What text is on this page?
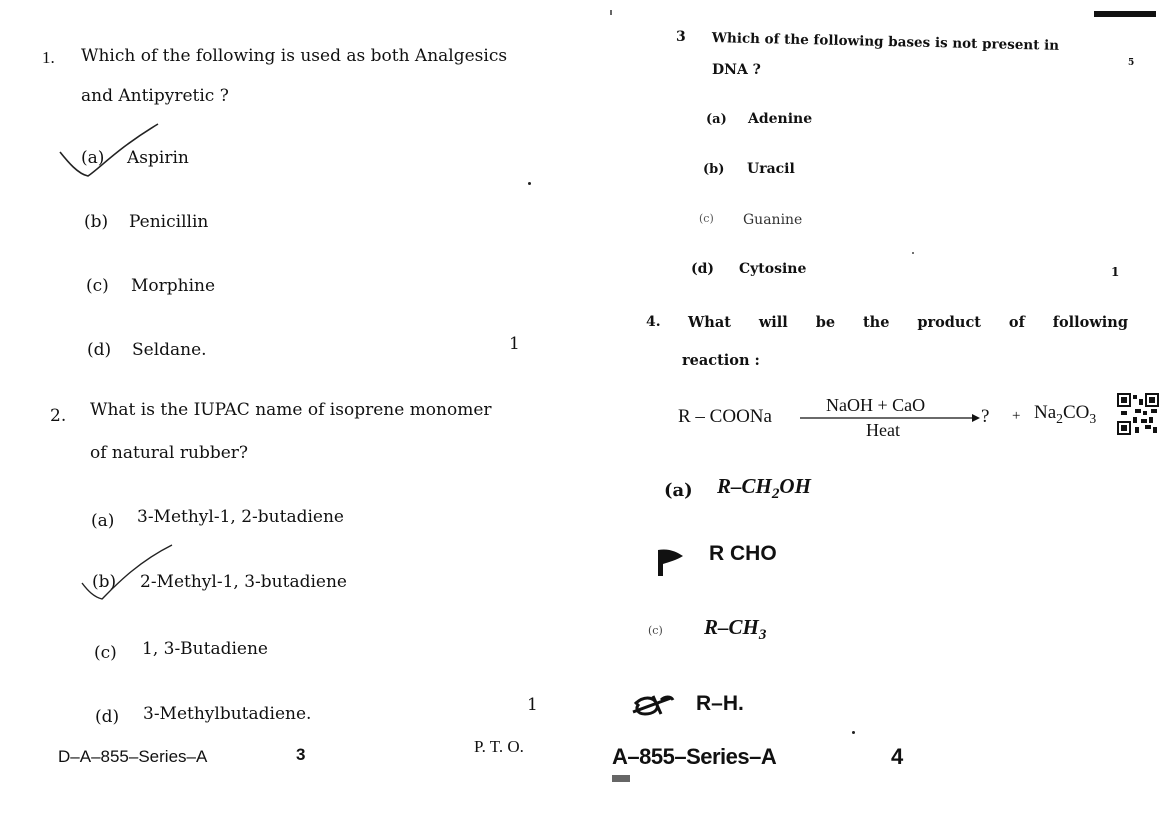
1. Which of the following is used as both Analgesics
and Antipyretic ?
(a) Aspirin
(b) Penicillin
(c) Morphine
(d) Seldane.	1
2. What is the IUPAC name of isoprene monomer
of natural rubber?
(a) 3-Methyl-1, 2-butadiene
(b) 2-Methyl-1, 3-butadiene
(c) 1, 3-Butadiene
(d) 3-Methylbutadiene.	1
D–A–855–Series–A	3	P. T. O.
3 Which of the following bases is not present in
5
DNA ?
(a) Adenine
(b) Uracil
(c) Guanine
(d) Cytosine	1
4. What will be the product of following
reaction :
R – COONa
NaOH + CaO
Heat
? + $Na_2CO_3$
(a) $R-CH_2OH$
R CHO
(c) $R-CH_3$
R–H.
A–855–Series–A	4
